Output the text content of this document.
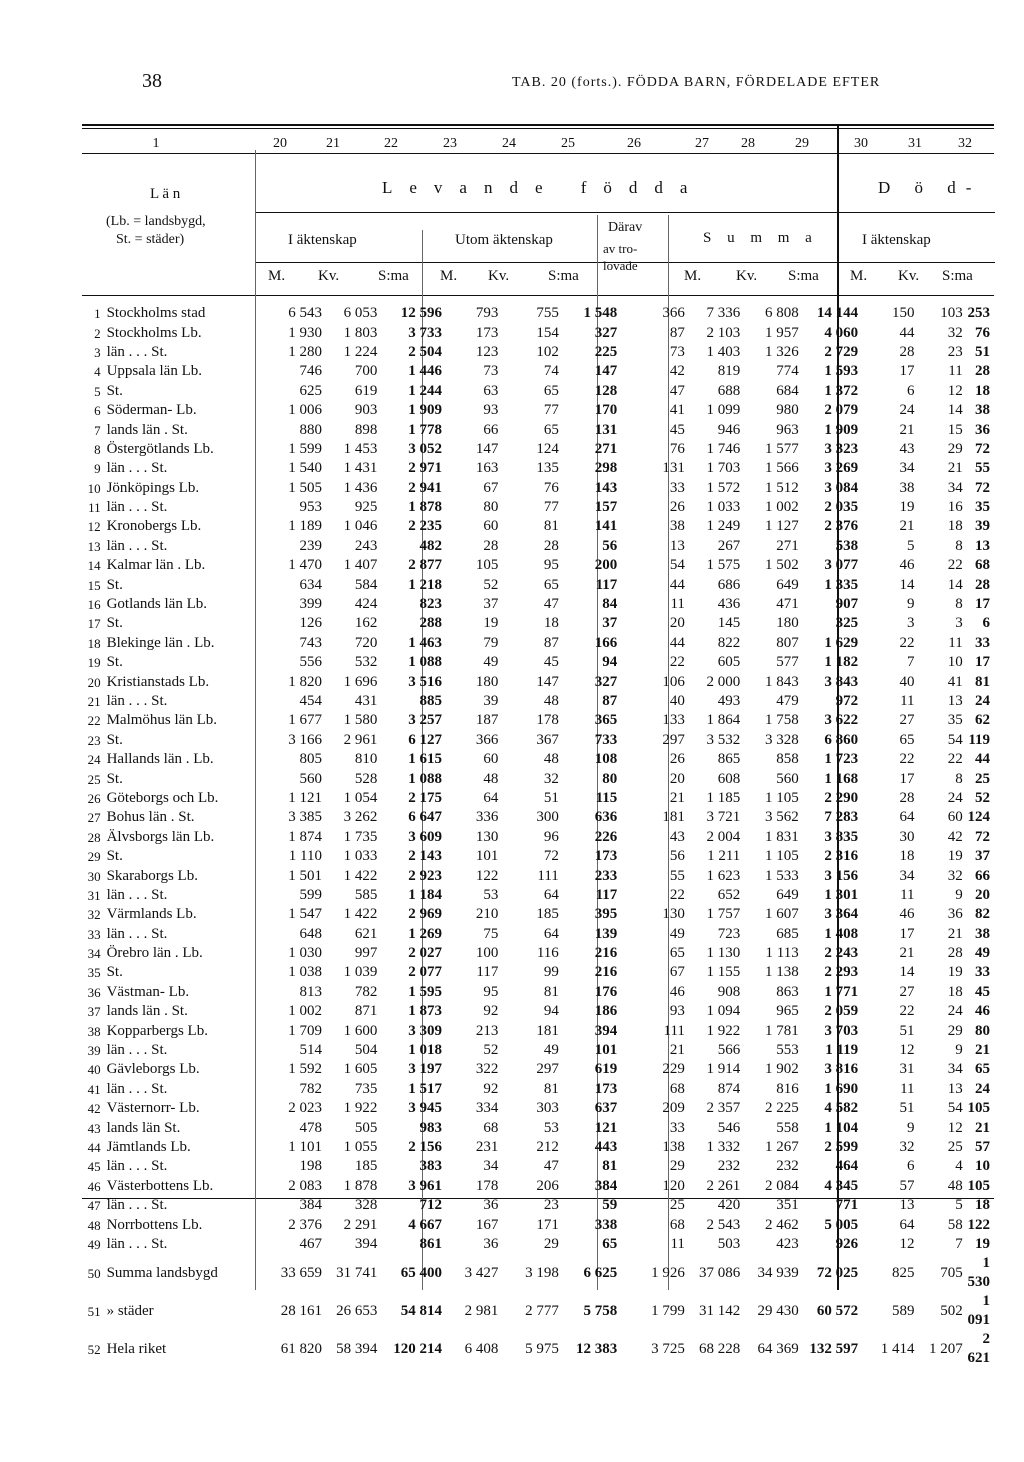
38	TAB. 20 (forts.). FÖDDA BARN, FÖRDELADE EFTER
1	20	21	22	23	24	25	26	27	28	29	30	31	32
L ä n
(Lb. = landsbygd,
St. = städer)
Levande födda	D ö d-
I äktenskap	Utom äktenskap
Därav
av tro-lovade
S u m m a	I äktenskap
M. Kv.	S:ma M. Kv.	S:ma	M. Kv. S:ma M. Kv. S:ma
1	Stockholms stad	6 543	6 053	12 596	793	755	1 548	366	7 336	6 808	14 144	150	103	253
2	Stockholms Lb.	1 930	1 803	3 733	173	154	327	87	2 103	1 957	4 060	44	32	76
3	län . . . St.	1 280	1 224	2 504	123	102	225	73	1 403	1 326	2 729	28	23	51
4	Uppsala län Lb.	746	700	1 446	73	74	147	42	819	774	1 593	17	11	28
5	St.	625	619	1 244	63	65	128	47	688	684	1 372	6	12	18
6	Söderman- Lb.	1 006	903	1 909	93	77	170	41	1 099	980	2 079	24	14	38
7	lands län . St.	880	898	1 778	66	65	131	45	946	963	1 909	21	15	36
8	Östergötlands Lb.	1 599	1 453	3 052	147	124	271	76	1 746	1 577	3 323	43	29	72
9	län . . . St.	1 540	1 431	2 971	163	135	298	131	1 703	1 566	3 269	34	21	55
10	Jönköpings Lb.	1 505	1 436	2 941	67	76	143	33	1 572	1 512	3 084	38	34	72
11	län . . . St.	953	925	1 878	80	77	157	26	1 033	1 002	2 035	19	16	35
12	Kronobergs Lb.	1 189	1 046	2 235	60	81	141	38	1 249	1 127	2 376	21	18	39
13	län . . . St.	239	243	482	28	28	56	13	267	271	538	5	8	13
14	Kalmar län . Lb.	1 470	1 407	2 877	105	95	200	54	1 575	1 502	3 077	46	22	68
15	St.	634	584	1 218	52	65	117	44	686	649	1 335	14	14	28
16	Gotlands län Lb.	399	424	823	37	47	84	11	436	471	907	9	8	17
17	St.	126	162	288	19	18	37	20	145	180	325	3	3	6
18	Blekinge län . Lb.	743	720	1 463	79	87	166	44	822	807	1 629	22	11	33
19	St.	556	532	1 088	49	45	94	22	605	577	1 182	7	10	17
20	Kristianstads Lb.	1 820	1 696	3 516	180	147	327	106	2 000	1 843	3 843	40	41	81
21	län . . . St.	454	431	885	39	48	87	40	493	479	972	11	13	24
22	Malmöhus län Lb.	1 677	1 580	3 257	187	178	365	133	1 864	1 758	3 622	27	35	62
23	St.	3 166	2 961	6 127	366	367	733	297	3 532	3 328	6 860	65	54	119
24	Hallands län . Lb.	805	810	1 615	60	48	108	26	865	858	1 723	22	22	44
25	St.	560	528	1 088	48	32	80	20	608	560	1 168	17	8	25
26	Göteborgs och Lb.	1 121	1 054	2 175	64	51	115	21	1 185	1 105	2 290	28	24	52
27	Bohus län . St.	3 385	3 262	6 647	336	300	636	181	3 721	3 562	7 283	64	60	124
28	Älvsborgs län Lb.	1 874	1 735	3 609	130	96	226	43	2 004	1 831	3 835	30	42	72
29	St.	1 110	1 033	2 143	101	72	173	56	1 211	1 105	2 316	18	19	37
30	Skaraborgs Lb.	1 501	1 422	2 923	122	111	233	55	1 623	1 533	3 156	34	32	66
31	län . . . St.	599	585	1 184	53	64	117	22	652	649	1 301	11	9	20
32	Värmlands Lb.	1 547	1 422	2 969	210	185	395	130	1 757	1 607	3 364	46	36	82
33	län . . . St.	648	621	1 269	75	64	139	49	723	685	1 408	17	21	38
34	Örebro län . Lb.	1 030	997	2 027	100	116	216	65	1 130	1 113	2 243	21	28	49
35	St.	1 038	1 039	2 077	117	99	216	67	1 155	1 138	2 293	14	19	33
36	Västman- Lb.	813	782	1 595	95	81	176	46	908	863	1 771	27	18	45
37	lands län . St.	1 002	871	1 873	92	94	186	93	1 094	965	2 059	22	24	46
38	Kopparbergs Lb.	1 709	1 600	3 309	213	181	394	111	1 922	1 781	3 703	51	29	80
39	län . . . St.	514	504	1 018	52	49	101	21	566	553	1 119	12	9	21
40	Gävleborgs Lb.	1 592	1 605	3 197	322	297	619	229	1 914	1 902	3 816	31	34	65
41	län . . . St.	782	735	1 517	92	81	173	68	874	816	1 690	11	13	24
42	Västernorr- Lb.	2 023	1 922	3 945	334	303	637	209	2 357	2 225	4 582	51	54	105
43	lands län St.	478	505	983	68	53	121	33	546	558	1 104	9	12	21
44	Jämtlands Lb.	1 101	1 055	2 156	231	212	443	138	1 332	1 267	2 599	32	25	57
45	län . . . St.	198	185	383	34	47	81	29	232	232	464	6	4	10
46	Västerbottens Lb.	2 083	1 878	3 961	178	206	384	120	2 261	2 084	4 345	57	48	105
47	län . . . St.	384	328	712	36	23	59	25	420	351	771	13	5	18
48	Norrbottens Lb.	2 376	2 291	4 667	167	171	338	68	2 543	2 462	5 005	64	58	122
49	län . . . St.	467	394	861	36	29	65	11	503	423	926	12	7	19
50	Summa landsbygd	33 659	31 741	65 400	3 427	3 198	6 625	1 926	37 086	34 939	72 025	825	705	1 530
51	» städer	28 161	26 653	54 814	2 981	2 777	5 758	1 799	31 142	29 430	60 572	589	502	1 091
52	Hela riket	61 820	58 394	120 214	6 408	5 975	12 383	3 725	68 228	64 369	132 597	1 414	1 207	2 621
